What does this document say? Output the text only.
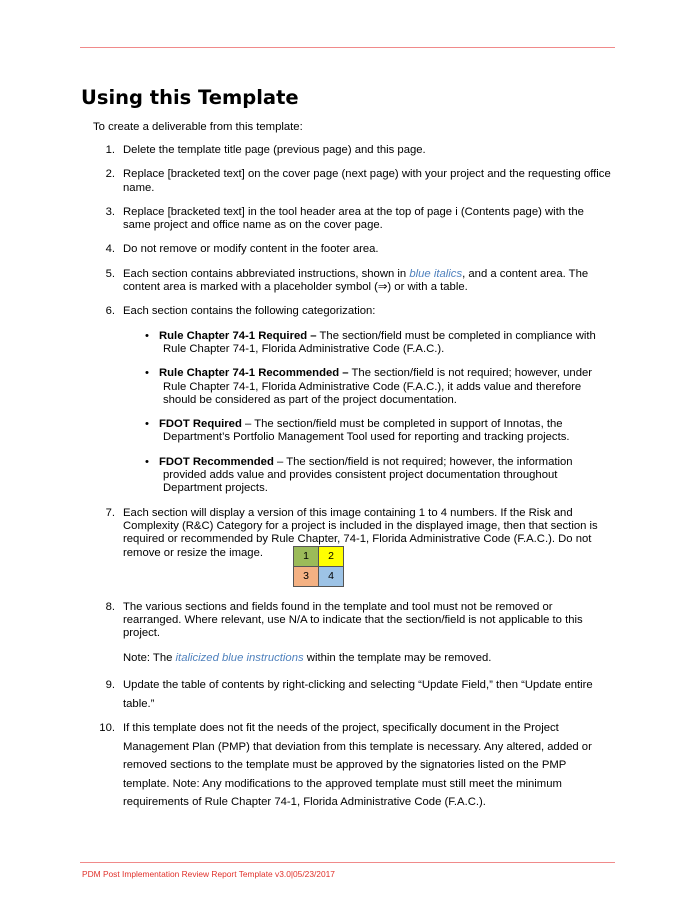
Using this Template
To create a deliverable from this template:
1. Delete the template title page (previous page) and this page.
2. Replace [bracketed text] on the cover page (next page) with your project and the requesting office
name.
3. Replace [bracketed text] in the tool header area at the top of page i (Contents page) with the
same project and office name as on the cover page.
4. Do not remove or modify content in the footer area.
5. Each section contains abbreviated instructions, shown in blue italics, and a content area. The
content area is marked with a placeholder symbol (⇒) or with a table.
6. Each section contains the following categorization:
• Rule Chapter 74-1 Required – The section/field must be completed in compliance with
Rule Chapter 74-1, Florida Administrative Code (F.A.C.).
• Rule Chapter 74-1 Recommended – The section/field is not required; however, under
Rule Chapter 74-1, Florida Administrative Code (F.A.C.), it adds value and therefore
should be considered as part of the project documentation.
• FDOT Required – The section/field must be completed in support of Innotas, the
Department’s Portfolio Management Tool used for reporting and tracking projects.
• FDOT Recommended – The section/field is not required; however, the information
provided adds value and provides consistent project documentation throughout
Department projects.
7. Each section will display a version of this image containing 1 to 4 numbers. If the Risk and
Complexity (R&C) Category for a project is included in the displayed image, then that section is
required or recommended by Rule Chapter, 74-1, Florida Administrative Code (F.A.C.). Do not
remove or resize the image.	1	2
3	4
8. The various sections and fields found in the template and tool must not be removed or
rearranged. Where relevant, use N/A to indicate that the section/field is not applicable to this
project.
Note: The italicized blue instructions within the template may be removed.
9. Update the table of contents by right-clicking and selecting “Update Field,” then “Update entire
table.”
10. If this template does not fit the needs of the project, specifically document in the Project
Management Plan (PMP) that deviation from this template is necessary. Any altered, added or
removed sections to the template must be approved by the signatories listed on the PMP
template. Note: Any modifications to the approved template must still meet the minimum
requirements of Rule Chapter 74-1, Florida Administrative Code (F.A.C.).
PDM Post Implementation Review Report Template v3.0|05/23/2017
